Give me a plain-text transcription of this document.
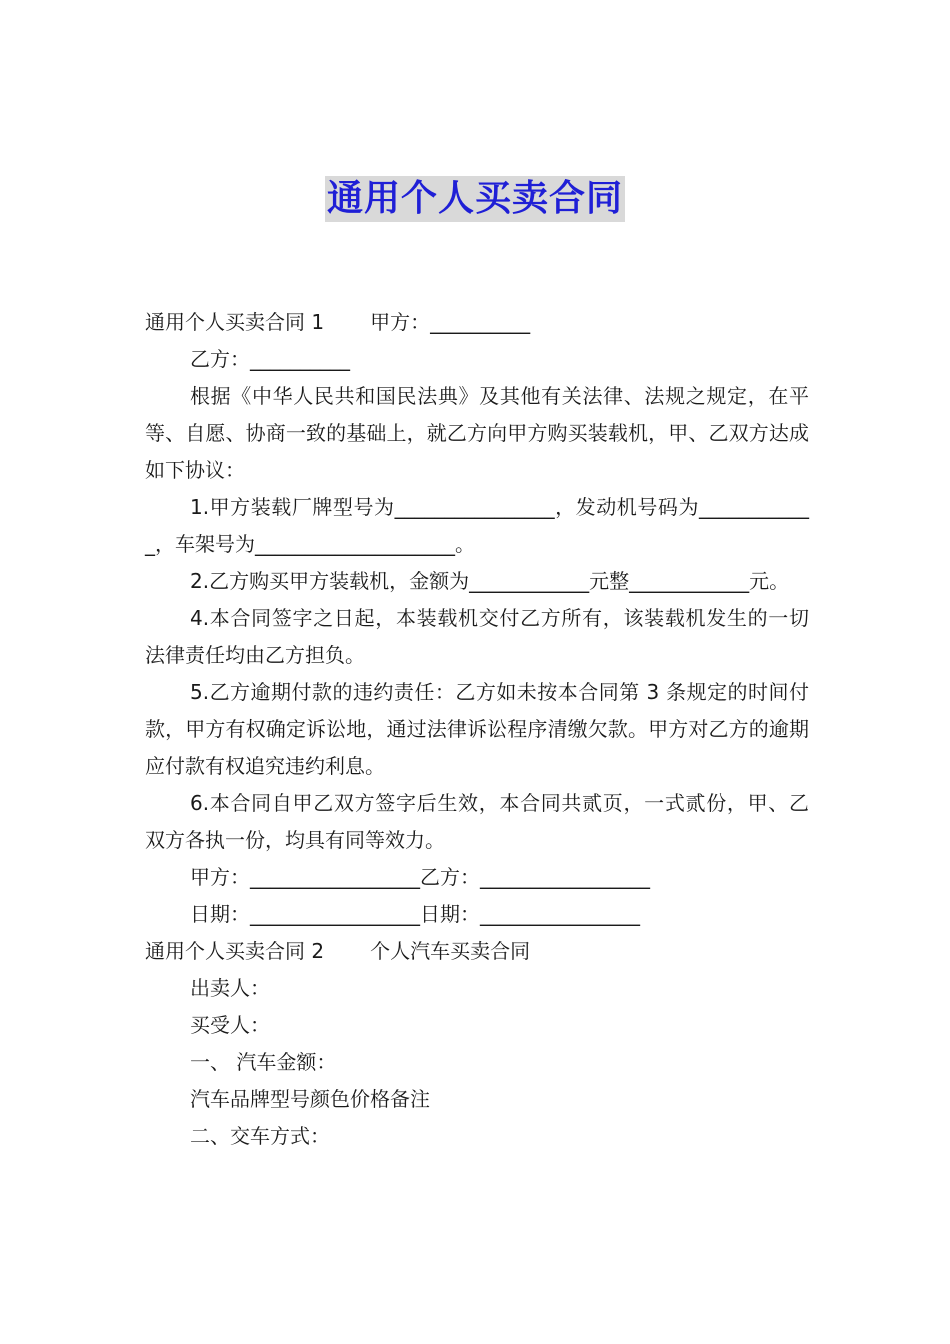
通用个人买卖合同

通用个人买卖合同 1 甲方：__________

乙方：__________

根据《中华人民共和国民法典》及其他有关法律、法规之规定，在平等、自愿、协商一致的基础上，就乙方向甲方购买装载机，甲、乙双方达成如下协议：

1.甲方装载厂牌型号为________________，发动机号码为____________，车架号为____________________。

2.乙方购买甲方装载机，金额为____________元整____________元。

4.本合同签字之日起，本装载机交付乙方所有，该装载机发生的一切法律责任均由乙方担负。

5.乙方逾期付款的违约责任：乙方如未按本合同第 3 条规定的时间付款，甲方有权确定诉讼地，通过法律诉讼程序清缴欠款。甲方对乙方的逾期应付款有权追究违约利息。

6.本合同自甲乙双方签字后生效，本合同共贰页，一式贰份，甲、乙双方各执一份，均具有同等效力。

甲方：_________________乙方：_________________

日期：_________________日期：________________

通用个人买卖合同 2 个人汽车买卖合同

出卖人：

买受人：

一、 汽车金额：

汽车品牌型号颜色价格备注

二、交车方式：
